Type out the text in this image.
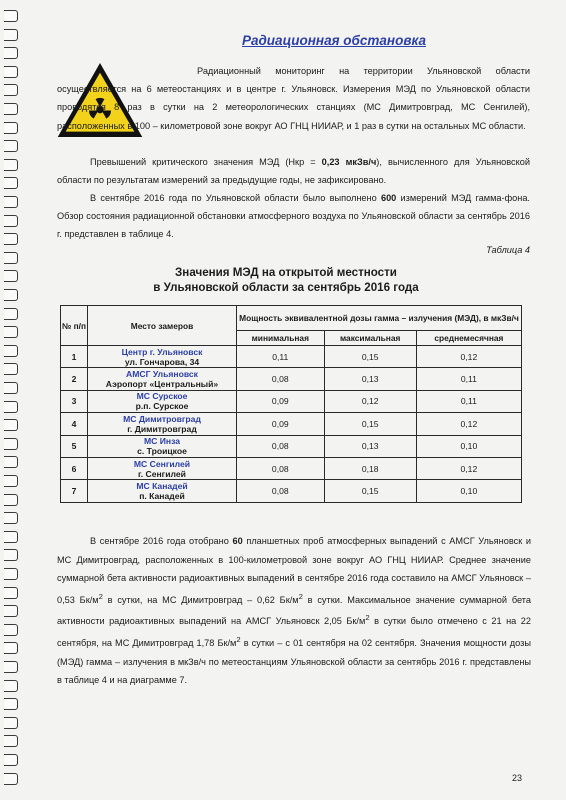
Радиационная обстановка

Радиационный мониторинг на территории Ульяновской области осуществляется на 6 метеостанциях и в центре г. Ульяновск. Измерения МЭД по Ульяновской области проводятся 8 раз в сутки на 2 метеорологических станциях (МС Димитровград, МС Сенгилей), расположенных в 100 – километровой зоне вокруг АО ГНЦ НИИАР, и 1 раз в сутки на остальных МС области.

Превышений критического значения МЭД (Нкр = 0,23 мкЗв/ч), вычисленного для Ульяновской области по результатам измерений за предыдущие годы, не зафиксировано.

В сентябре 2016 года по Ульяновской области было выполнено 600 измерений МЭД гамма-фона. Обзор состояния радиационной обстановки атмосферного воздуха по Ульяновской области за сентябрь 2016 г. представлен в таблице 4.

Таблица 4
Значения МЭД на открытой местности
в Ульяновской области за сентябрь 2016 года
№ п/п	Место замеров	Мощность эквивалентной дозы гамма – излучения (МЭД), в мкЗв/ч		
		минимальная	максимальная	среднемесячная
1	Центр г. Ульяновск
ул. Гончарова, 34	0,11	0,15	0,12
2	АМСГ Ульяновск
Аэропорт «Центральный»	0,08	0,13	0,11
3	МС Сурское
р.п. Сурское	0,09	0,12	0,11
4	МС Димитровград
г. Димитровград	0,09	0,15	0,12
5	МС Инза
с. Троицкое	0,08	0,13	0,10
6	МС Сенгилей
г. Сенгилей	0,08	0,18	0,12
7	МС Канадей
п. Канадей	0,08	0,15	0,10

В сентябре 2016 года отобрано 60 планшетных проб атмосферных выпадений с АМСГ Ульяновск и МС Димитровград, расположенных в 100-километровой зоне вокруг АО ГНЦ НИИАР. Среднее значение суммарной бета активности радиоактивных выпадений в сентябре 2016 года составило на АМСГ Ульяновск – 0,53 $Бк/м^2$ в сутки, на МС Димитровград – 0,62 $Бк/м^2$ в сутки. Максимальное значение суммарной бета активности радиоактивных выпадений на АМСГ Ульяновск 2,05 $Бк/м^2$ в сутки было отмечено с 21 на 22 сентября, на МС Димитровград 1,78 $Бк/м^2$ в сутки – с 01 сентября на 02 сентября. Значения мощности дозы (МЭД) гамма – излучения в мкЗв/ч по метеостанциям Ульяновской области за сентябрь 2016 г. представлены в таблице 4 и на диаграмме 7.

23
